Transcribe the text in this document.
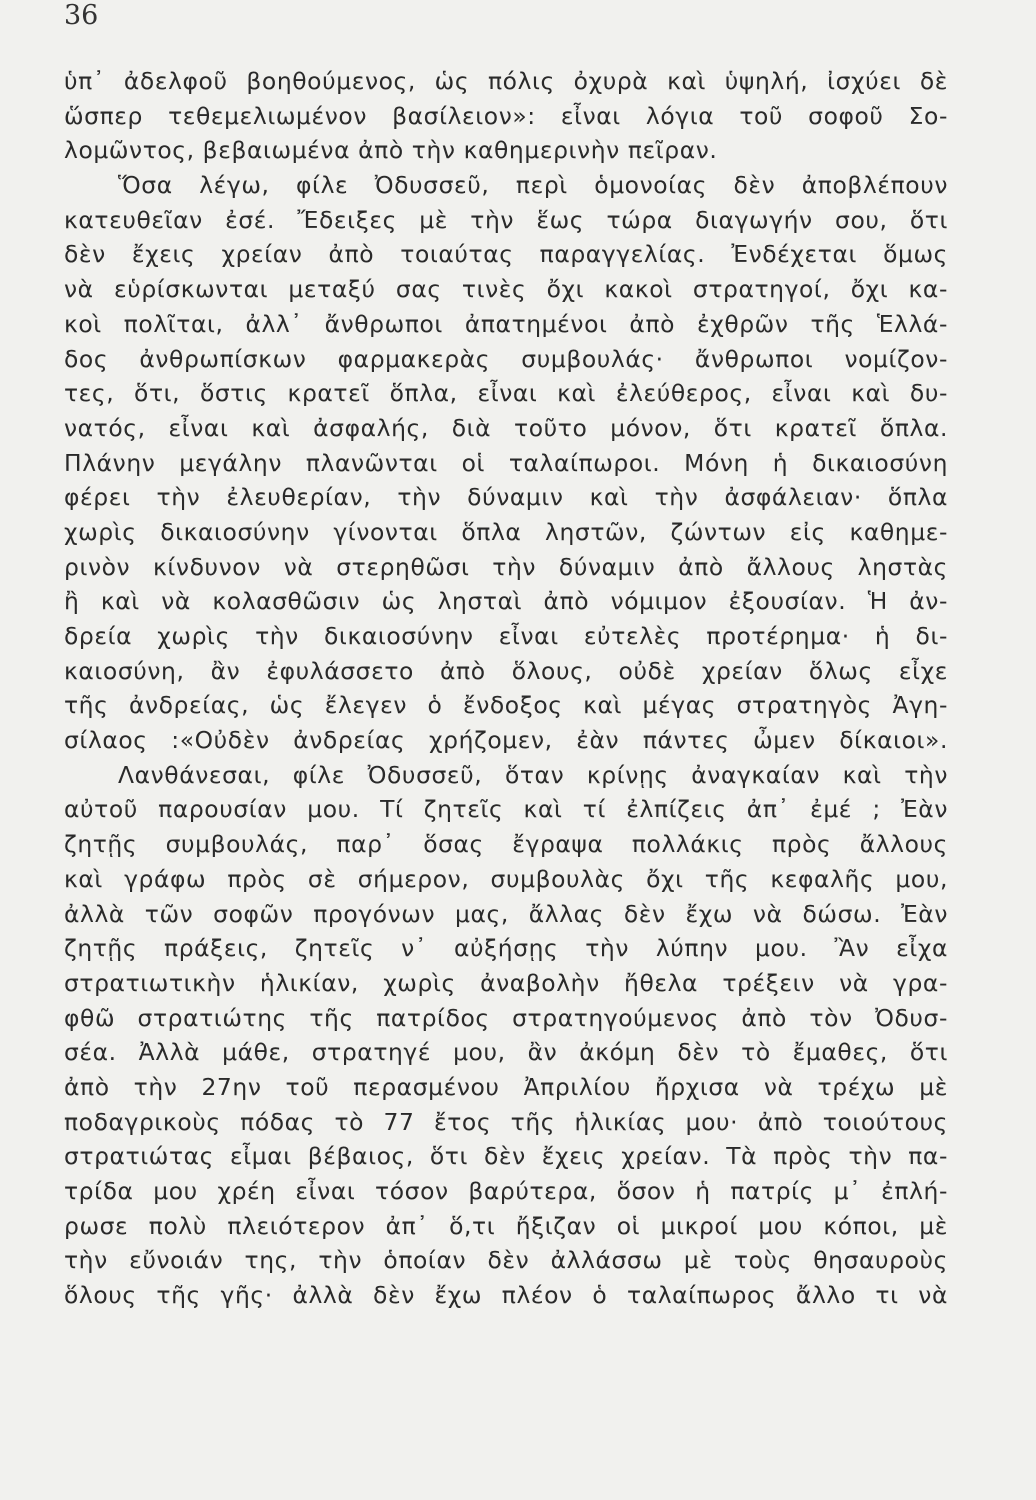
36
ὑπ᾽ ἀδελφοῦ βοηθούμενος, ὡς πόλις ὀχυρὰ καὶ ὑψηλή, ἰσχύει δὲ
ὥσπερ τεθεμελιωμένον βασίλειον»: εἶναι λόγια τοῦ σοφοῦ Σο-
λομῶντος, βεβαιωμένα ἀπὸ τὴν καθημερινὴν πεῖραν.
Ὅσα λέγω, φίλε Ὀδυσσεῦ, περὶ ὁμονοίας δὲν ἀποβλέπουν
κατευθεῖαν ἐσέ. Ἔδειξες μὲ τὴν ἕως τώρα διαγωγήν σου, ὅτι
δὲν ἔχεις χρείαν ἀπὸ τοιαύτας παραγγελίας. Ἐνδέχεται ὅμως
νὰ εὑρίσκωνται μεταξύ σας τινὲς ὄχι κακοὶ στρατηγοί, ὄχι κα-
κοὶ πολῖται, ἀλλ᾽ ἄνθρωποι ἀπατημένοι ἀπὸ ἐχθρῶν τῆς Ἑλλά-
δος ἀνθρωπίσκων φαρμακερὰς συμβουλάς· ἄνθρωποι νομίζον-
τες, ὅτι, ὅστις κρατεῖ ὅπλα, εἶναι καὶ ἐλεύθερος, εἶναι καὶ δυ-
νατός, εἶναι καὶ ἀσφαλής, διὰ τοῦτο μόνον, ὅτι κρατεῖ ὅπλα.
Πλάνην μεγάλην πλανῶνται οἱ ταλαίπωροι. Μόνη ἡ δικαιοσύνη
φέρει τὴν ἐλευθερίαν, τὴν δύναμιν καὶ τὴν ἀσφάλειαν· ὅπλα
χωρὶς δικαιοσύνην γίνονται ὅπλα ληστῶν, ζώντων εἰς καθημε-
ρινὸν κίνδυνον νὰ στερηθῶσι τὴν δύναμιν ἀπὸ ἄλλους ληστὰς
ἢ καὶ νὰ κολασθῶσιν ὡς λησταὶ ἀπὸ νόμιμον ἐξουσίαν. Ἡ ἀν-
δρεία χωρὶς τὴν δικαιοσύνην εἶναι εὐτελὲς προτέρημα· ἡ δι-
καιοσύνη, ἂν ἐφυλάσσετο ἀπὸ ὅλους, οὐδὲ χρείαν ὅλως εἶχε
τῆς ἀνδρείας, ὡς ἔλεγεν ὁ ἔνδοξος καὶ μέγας στρατηγὸς Ἀγη-
σίλαος :«Οὐδὲν ἀνδρείας χρήζομεν, ἐὰν πάντες ὦμεν δίκαιοι».
Λανθάνεσαι, φίλε Ὀδυσσεῦ, ὅταν κρίνῃς ἀναγκαίαν καὶ τὴν
αὐτοῦ παρουσίαν μου. Τί ζητεῖς καὶ τί ἐλπίζεις ἀπ᾽ ἐμέ ; Ἐὰν
ζητῇς συμβουλάς, παρ᾽ ὅσας ἔγραψα πολλάκις πρὸς ἄλλους
καὶ γράφω πρὸς σὲ σήμερον, συμβουλὰς ὄχι τῆς κεφαλῆς μου,
ἀλλὰ τῶν σοφῶν προγόνων μας, ἄλλας δὲν ἔχω νὰ δώσω. Ἐὰν
ζητῇς πράξεις, ζητεῖς ν᾽ αὐξήσῃς τὴν λύπην μου. Ἂν εἶχα
στρατιωτικὴν ἡλικίαν, χωρὶς ἀναβολὴν ἤθελα τρέξειν νὰ γρα-
φθῶ στρατιώτης τῆς πατρίδος στρατηγούμενος ἀπὸ τὸν Ὀδυσ-
σέα. Ἀλλὰ μάθε, στρατηγέ μου, ἂν ἀκόμη δὲν τὸ ἔμαθες, ὅτι
ἀπὸ τὴν 27ην τοῦ περασμένου Ἀπριλίου ἤρχισα νὰ τρέχω μὲ
ποδαγρικοὺς πόδας τὸ 77 ἔτος τῆς ἡλικίας μου· ἀπὸ τοιούτους
στρατιώτας εἶμαι βέβαιος, ὅτι δὲν ἔχεις χρείαν. Τὰ πρὸς τὴν πα-
τρίδα μου χρέη εἶναι τόσον βαρύτερα, ὅσον ἡ πατρίς μ᾽ ἐπλή-
ρωσε πολὺ πλειότερον ἀπ᾽ ὅ,τι ἤξιζαν οἱ μικροί μου κόποι, μὲ
τὴν εὔνοιάν της, τὴν ὁποίαν δὲν ἀλλάσσω μὲ τοὺς θησαυροὺς
ὅλους τῆς γῆς· ἀλλὰ δὲν ἔχω πλέον ὁ ταλαίπωρος ἄλλο τι νὰ
